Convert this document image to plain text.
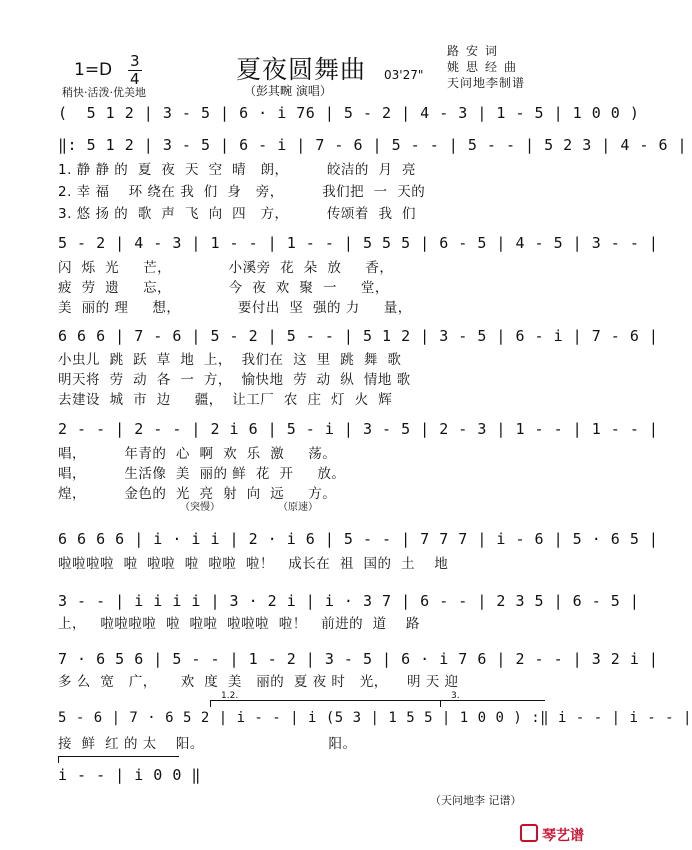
1=D 3
4
稍快·活泼·优美地
夏夜圆舞曲
（彭其畹 演唱）
03'27"
路安词
姚思经曲
天问地李制谱
(  5 1 2 | 3 - 5 | 6 · i 76 | 5 - 2 | 4 - 3 | 1 - 5 | 1 0 0 )
‖: 5 1 2 | 3 - 5 | 6 - i | 7 - 6 | 5 - - | 5 - - | 5 2 3 | 4 - 6 |
1. 静 静 的  夏  夜  天  空  晴   朗，        皎洁的  月  亮
2. 幸 福    环 绕在 我  们  身   旁，        我们把  一  天的
3. 悠 扬 的  歌  声  飞  向  四   方，        传颂着  我  们
5 - 2 | 4 - 3 | 1 - - | 1 - - | 5 5 5 | 6 - 5 | 4 - 5 | 3 - - |
闪  烁  光     芒，            小溪旁  花  朵  放     香，
疲  劳  遗     忘，            今  夜  欢  聚  一     堂，
美  丽的 理     想，            要付出  坚  强的 力     量，
6 6 6 | 7 - 6 | 5 - 2 | 5 - - | 5 1 2 | 3 - 5 | 6 - i | 7 - 6 |
小虫儿  跳  跃  草  地  上，  我们在  这  里  跳  舞  歌
明天将  劳  动  各  一  方，  愉快地  劳  动  纵  情地 歌
去建设  城  市  边     疆，  让工厂  农  庄  灯  火  辉
2 - - | 2 - - | 2 i 6 | 5 - i | 3 - 5 | 2 - 3 | 1 - - | 1 - - |
唱，        年青的  心  啊  欢  乐  激     荡。
唱，        生活像  美  丽的 鲜  花  开     放。
煌，        金色的  光  亮  射  向  远     方。
（突慢）	（原速）
6 6 6 6 | i · i i | 2 · i 6 | 5 - - | 7 7 7 | i - 6 | 5 · 6 5 |
啦啦啦啦  啦  啦啦  啦  啦啦  啦！   成长在  祖  国的  土    地
3 - - | i i i i | 3 · 2 i | i · 3 7 | 6 - - | 2 3 5 | 6 - 5 |
上，   啦啦啦啦  啦  啦啦  啦啦啦  啦！   前进的  道    路
7 · 6 5 6 | 5 - - | 1 - 2 | 3 - 5 | 6 · i 7 6 | 2 - - | 3 2 i |
多 么  宽   广，     欢  度  美   丽的  夏 夜 时   光，    明 天 迎
1.2.	3.
5 - 6 | 7 · 6 5 2 | i - - | i (5 3 | 1 5 5 | 1 0 0 ) :‖ i - - | i - - |
接  鲜  红 的 太    阳。                          阳。
i - - | i 0 0 ‖
（天问地李 记谱）
琴艺谱
